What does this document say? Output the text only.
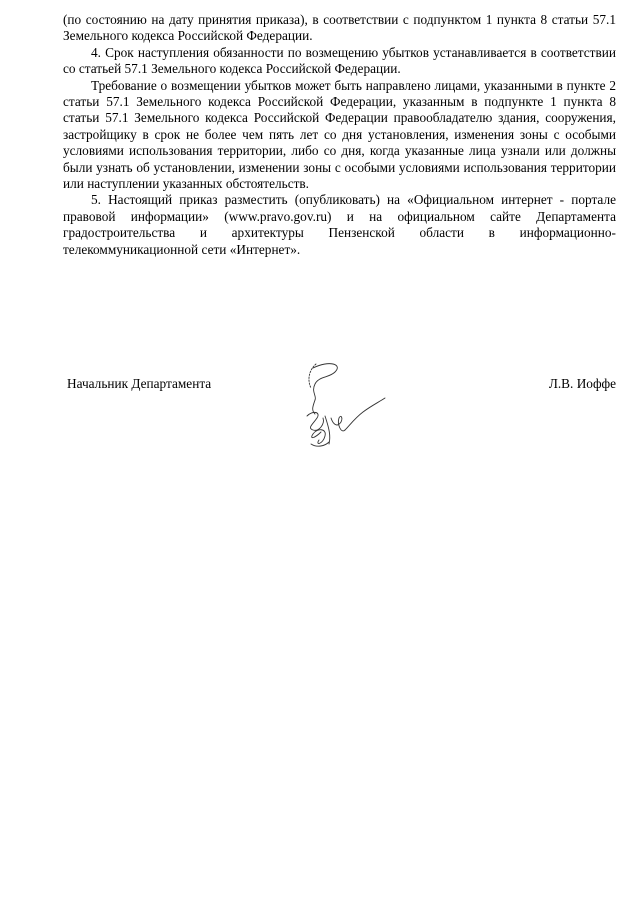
(по состоянию на дату принятия приказа), в соответствии с подпунктом 1 пункта 8 статьи 57.1 Земельного кодекса Российской Федерации.

4. Срок наступления обязанности по возмещению убытков устанавливается в соответствии со статьей 57.1 Земельного кодекса Российской Федерации.

Требование о возмещении убытков может быть направлено лицами, указанными в пункте 2 статьи 57.1 Земельного кодекса Российской Федерации, указанным в подпункте 1 пункта 8 статьи 57.1 Земельного кодекса Российской Федерации правообладателю здания, сооружения, застройщику в срок не более чем пять лет со дня установления, изменения зоны с особыми условиями использования территории, либо со дня, когда указанные лица узнали или должны были узнать об установлении, изменении зоны с особыми условиями использования территории или наступлении указанных обстоятельств.

5. Настоящий приказ разместить (опубликовать) на «Официальном интернет - портале правовой информации» (www.pravo.gov.ru) и на официальном сайте Департамента градостроительства и архитектуры Пензенской области в информационно-телекоммуникационной сети «Интернет».

Начальник Департамента	Л.В. Иоффе
